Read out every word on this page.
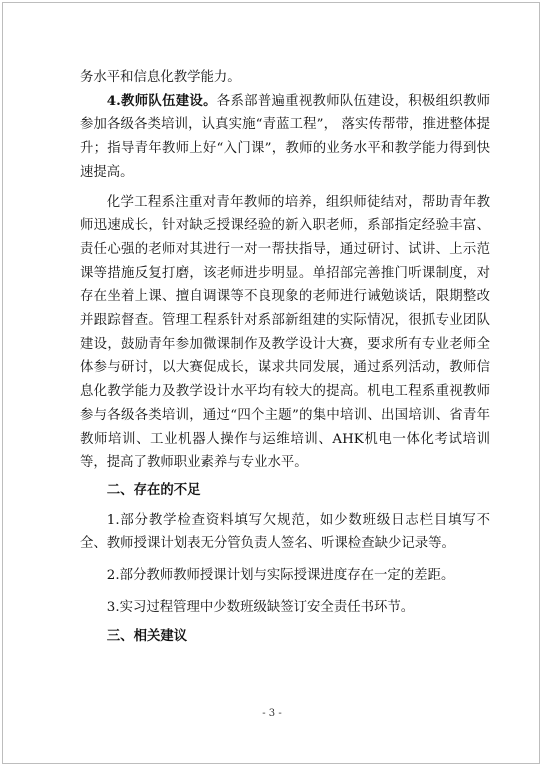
务水平和信息化教学能力。

4.教师队伍建设。各系部普遍重视教师队伍建设，积极组织教师参加各级各类培训，认真实施“青蓝工程”， 落实传帮带，推进整体提升；指导青年教师上好“入门课”，教师的业务水平和教学能力得到快速提高。

化学工程系注重对青年教师的培养，组织师徒结对，帮助青年教师迅速成长，针对缺乏授课经验的新入职老师，系部指定经验丰富、责任心强的老师对其进行一对一帮扶指导，通过研讨、试讲、上示范课等措施反复打磨，该老师进步明显。单招部完善推门听课制度，对存在坐着上课、擅自调课等不良现象的老师进行诫勉谈话，限期整改并跟踪督查。管理工程系针对系部新组建的实际情况，很抓专业团队建设，鼓励青年参加微课制作及教学设计大赛，要求所有专业老师全体参与研讨，以大赛促成长，谋求共同发展，通过系列活动，教师信息化教学能力及教学设计水平均有较大的提高。机电工程系重视教师参与各级各类培训，通过“四个主题”的集中培训、出国培训、省青年教师培训、工业机器人操作与运维培训、AHK机电一体化考试培训等，提高了教师职业素养与专业水平。

二、存在的不足

1.部分教学检查资料填写欠规范，如少数班级日志栏目填写不全、教师授课计划表无分管负责人签名、听课检查缺少记录等。

2.部分教师教师授课计划与实际授课进度存在一定的差距。

3.实习过程管理中少数班级缺签订安全责任书环节。

三、相关建议

- 3 -
